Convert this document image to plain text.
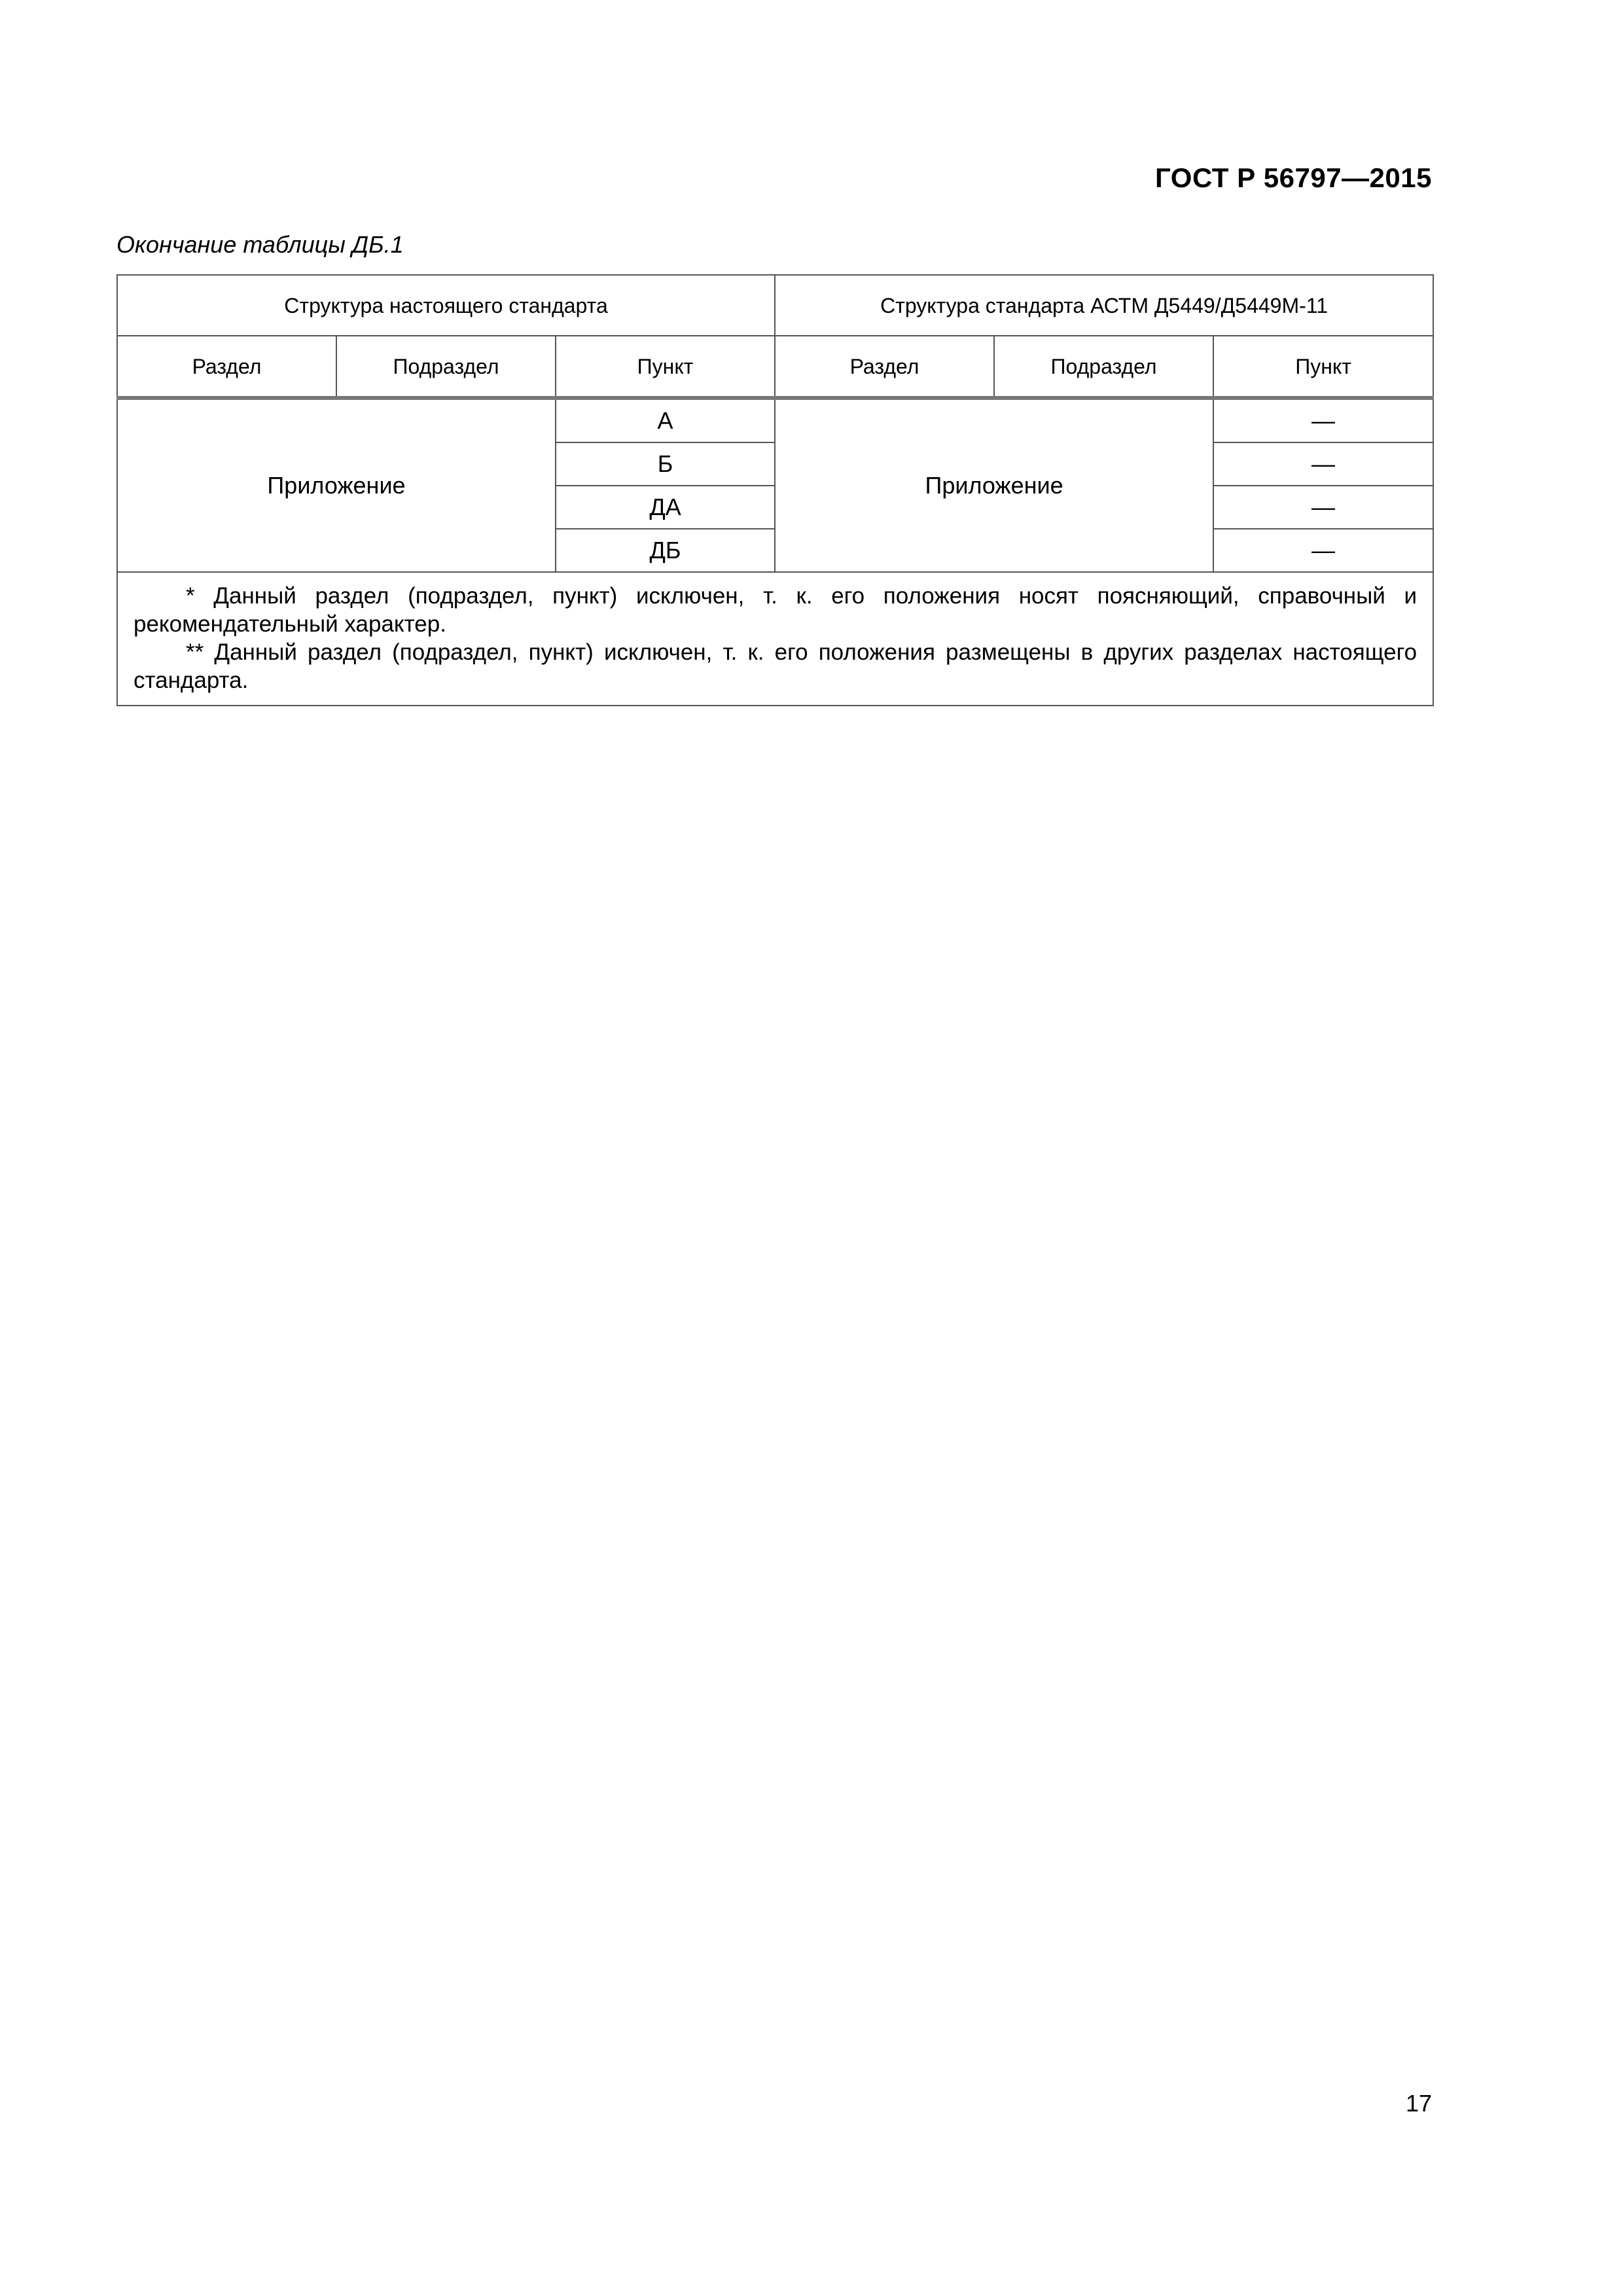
ГОСТ Р 56797—2015
Окончание таблицы ДБ.1
Структура настоящего стандарта			Структура стандарта АСТМ Д5449/Д5449М-11		
Раздел	Подраздел	Пункт	Раздел	Подраздел	Пункт
Приложение		А	Приложение		—
		Б			—
		ДА			—
		ДБ			—

* Данный раздел (подраздел, пункт) исключен, т. к. его положения носят поясняющий, справочный и рекомендательный характер.
** Данный раздел (подраздел, пункт) исключен, т. к. его положения размещены в других разделах настоящего стандарта.					
17
